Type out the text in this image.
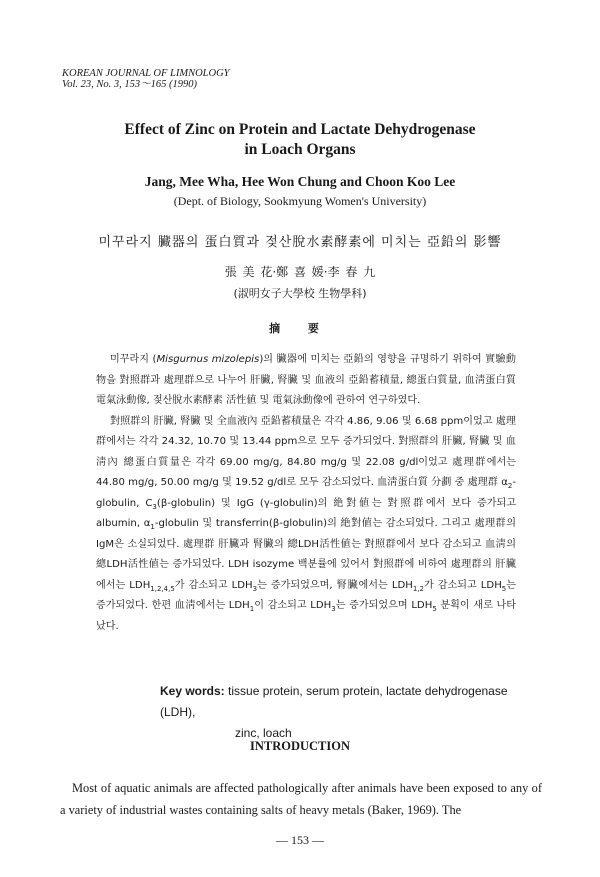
KOREAN JOURNAL OF LIMNOLOGY
Vol. 23, No. 3, 153～165 (1990)
Effect of Zinc on Protein and Lactate Dehydrogenase
in Loach Organs
Jang, Mee Wha, Hee Won Chung and Choon Koo Lee
(Dept. of Biology, Sookmyung Women's University)
미꾸라지 臟器의 蛋白質과 젖산脫水素酵素에 미치는 亞鉛의 影響
張 美 花·鄭 喜 媛·李 春 九
(淑明女子大學校 生物學科)
摘 要

미꾸라지 (Misgurnus mizolepis)의 臟器에 미치는 亞鉛의 영향을 규명하기 위하여 實驗動物을 對照群과 處理群으로 나누어 肝臟, 腎臟 및 血液의 亞鉛蓄積量, 總蛋白質量, 血淸蛋白質 電氣泳動像, 젖산脫水素酵素 活性値 및 電氣泳動像에 관하여 연구하였다.

對照群의 肝臟, 腎臟 및 全血液內 亞鉛蓄積量은 각각 4.86, 9.06 및 6.68 ppm이었고 處理群에서는 각각 24.32, 10.70 및 13.44 ppm으로 모두 증가되었다. 對照群의 肝臟, 腎臟 및 血淸內 總蛋白質量은 각각 69.00 mg/g, 84.80 mg/g 및 22.08 g/dl이었고 處理群에서는 44.80 mg/g, 50.00 mg/g 및 19.52 g/dl로 모두 감소되었다. 血淸蛋白質 分劃 중 處理群 $\alpha_2$-globulin, $C_3(\beta-globulin)$ 및 IgG (γ-globulin)의 絶對値는 對照群에서 보다 증가되고 albumin, $\alpha_1$-globulin 및 transferrin(β-globulin)의 絶對値는 감소되었다. 그리고 處理群의 IgM은 소실되었다. 處理群 肝臟과 腎臟의 總LDH活性値는 對照群에서 보다 감소되고 血淸의 總LDH活性値는 증가되었다. LDH isozyme 백분률에 있어서 對照群에 비하여 處理群의 肝臟에서는 $LDH_{1,2,4,5}$가 감소되고 $LDH_3$는 증가되었으며, 腎臟에서는 $LDH_{1,2}$가 감소되고 $LDH_5$는 증가되었다. 한편 血淸에서는 $LDH_1$이 감소되고 $LDH_3$는 증가되었으며 $LDH_5$ 분획이 새로 나타났다.

Key words: tissue protein, serum protein, lactate dehydrogenase (LDH),
zinc, loach
INTRODUCTION

Most of aquatic animals are affected pathologically after animals have been exposed to any of a variety of industrial wastes containing salts of heavy metals (Baker, 1969). The

— 153 —
